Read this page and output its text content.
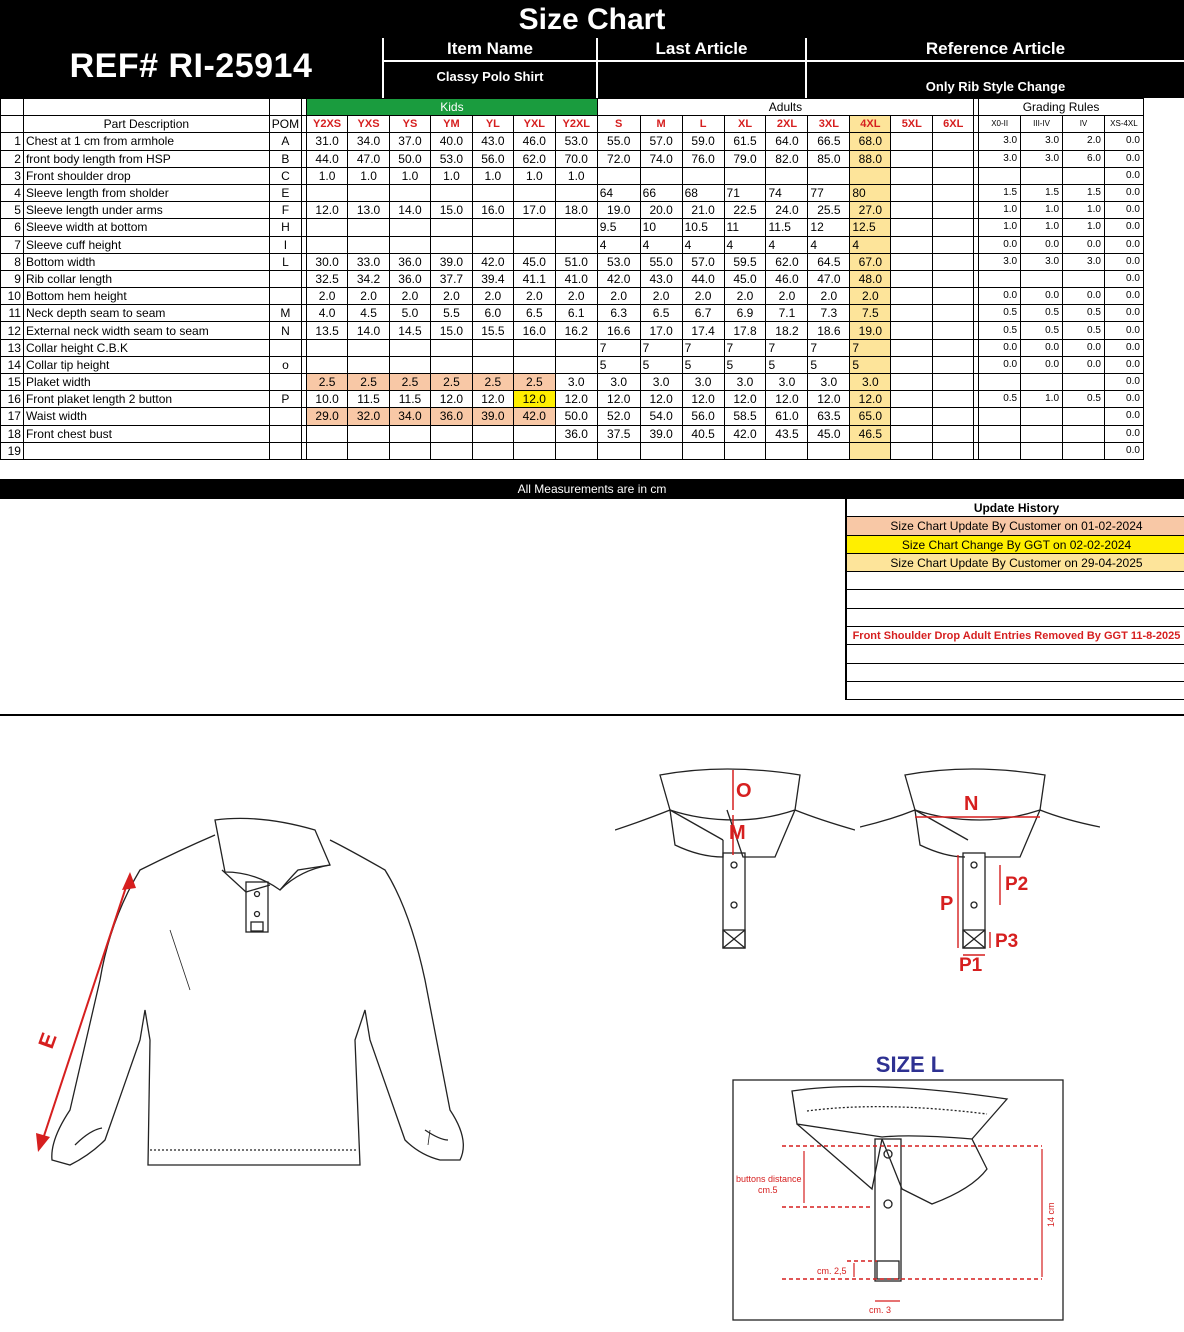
Size Chart
REF# RI-25914	Item Name
Classy Polo Shirt
Last Article	Reference Article
Only Rib Style Change
				Kids							Adults										Grading Rules			
	Part Description	POM		Y2XS	YXS	YS	YM	YL	YXL	Y2XL	S	M	L	XL	2XL	3XL	4XL	5XL	6XL		X0-II	III-IV	IV	XS-4XL
1	Chest at 1 cm from armhole	A		31.0	34.0	37.0	40.0	43.0	46.0	53.0	55.0	57.0	59.0	61.5	64.0	66.5	68.0				3.0	3.0	2.0	0.0
2	front body length from HSP	B		44.0	47.0	50.0	53.0	56.0	62.0	70.0	72.0	74.0	76.0	79.0	82.0	85.0	88.0				3.0	3.0	6.0	0.0
3	Front shoulder drop	C		1.0	1.0	1.0	1.0	1.0	1.0	1.0														0.0
4	Sleeve length from sholder	E									64	66	68	71	74	77	80				1.5	1.5	1.5	0.0
5	Sleeve length under arms	F		12.0	13.0	14.0	15.0	16.0	17.0	18.0	19.0	20.0	21.0	22.5	24.0	25.5	27.0				1.0	1.0	1.0	0.0
6	Sleeve width at bottom	H									9.5	10	10.5	11	11.5	12	12.5				1.0	1.0	1.0	0.0
7	Sleeve cuff height	I									4	4	4	4	4	4	4				0.0	0.0	0.0	0.0
8	Bottom width	L		30.0	33.0	36.0	39.0	42.0	45.0	51.0	53.0	55.0	57.0	59.5	62.0	64.5	67.0				3.0	3.0	3.0	0.0
9	Rib collar length			32.5	34.2	36.0	37.7	39.4	41.1	41.0	42.0	43.0	44.0	45.0	46.0	47.0	48.0							0.0
10	Bottom hem height			2.0	2.0	2.0	2.0	2.0	2.0	2.0	2.0	2.0	2.0	2.0	2.0	2.0	2.0				0.0	0.0	0.0	0.0
11	Neck depth seam to seam	M		4.0	4.5	5.0	5.5	6.0	6.5	6.1	6.3	6.5	6.7	6.9	7.1	7.3	7.5				0.5	0.5	0.5	0.0
12	External neck width seam to seam	N		13.5	14.0	14.5	15.0	15.5	16.0	16.2	16.6	17.0	17.4	17.8	18.2	18.6	19.0				0.5	0.5	0.5	0.0
13	Collar height C.B.K										7	7	7	7	7	7	7				0.0	0.0	0.0	0.0
14	Collar tip height	o									5	5	5	5	5	5	5				0.0	0.0	0.0	0.0
15	Plaket width			2.5	2.5	2.5	2.5	2.5	2.5	3.0	3.0	3.0	3.0	3.0	3.0	3.0	3.0							0.0
16	Front plaket length 2 button	P		10.0	11.5	11.5	12.0	12.0	12.0	12.0	12.0	12.0	12.0	12.0	12.0	12.0	12.0				0.5	1.0	0.5	0.0
17	Waist width			29.0	32.0	34.0	36.0	39.0	42.0	50.0	52.0	54.0	56.0	58.5	61.0	63.5	65.0							0.0
18	Front chest bust									36.0	37.5	39.0	40.5	42.0	43.5	45.0	46.5							0.0
19																								0.0
All Measurements are in cm
Update History
Size Chart Update By Customer on 01-02-2024
Size Chart Change By GGT on 02-02-2024
Size Chart Update By Customer on 29-04-2025
Front Shoulder Drop Adult Entries Removed By GGT 11-8-2025
E
O
M
N
P
P2
P3
P1
SIZE L
buttons distance
cm.5
cm. 2,5
cm. 3
14 cm
